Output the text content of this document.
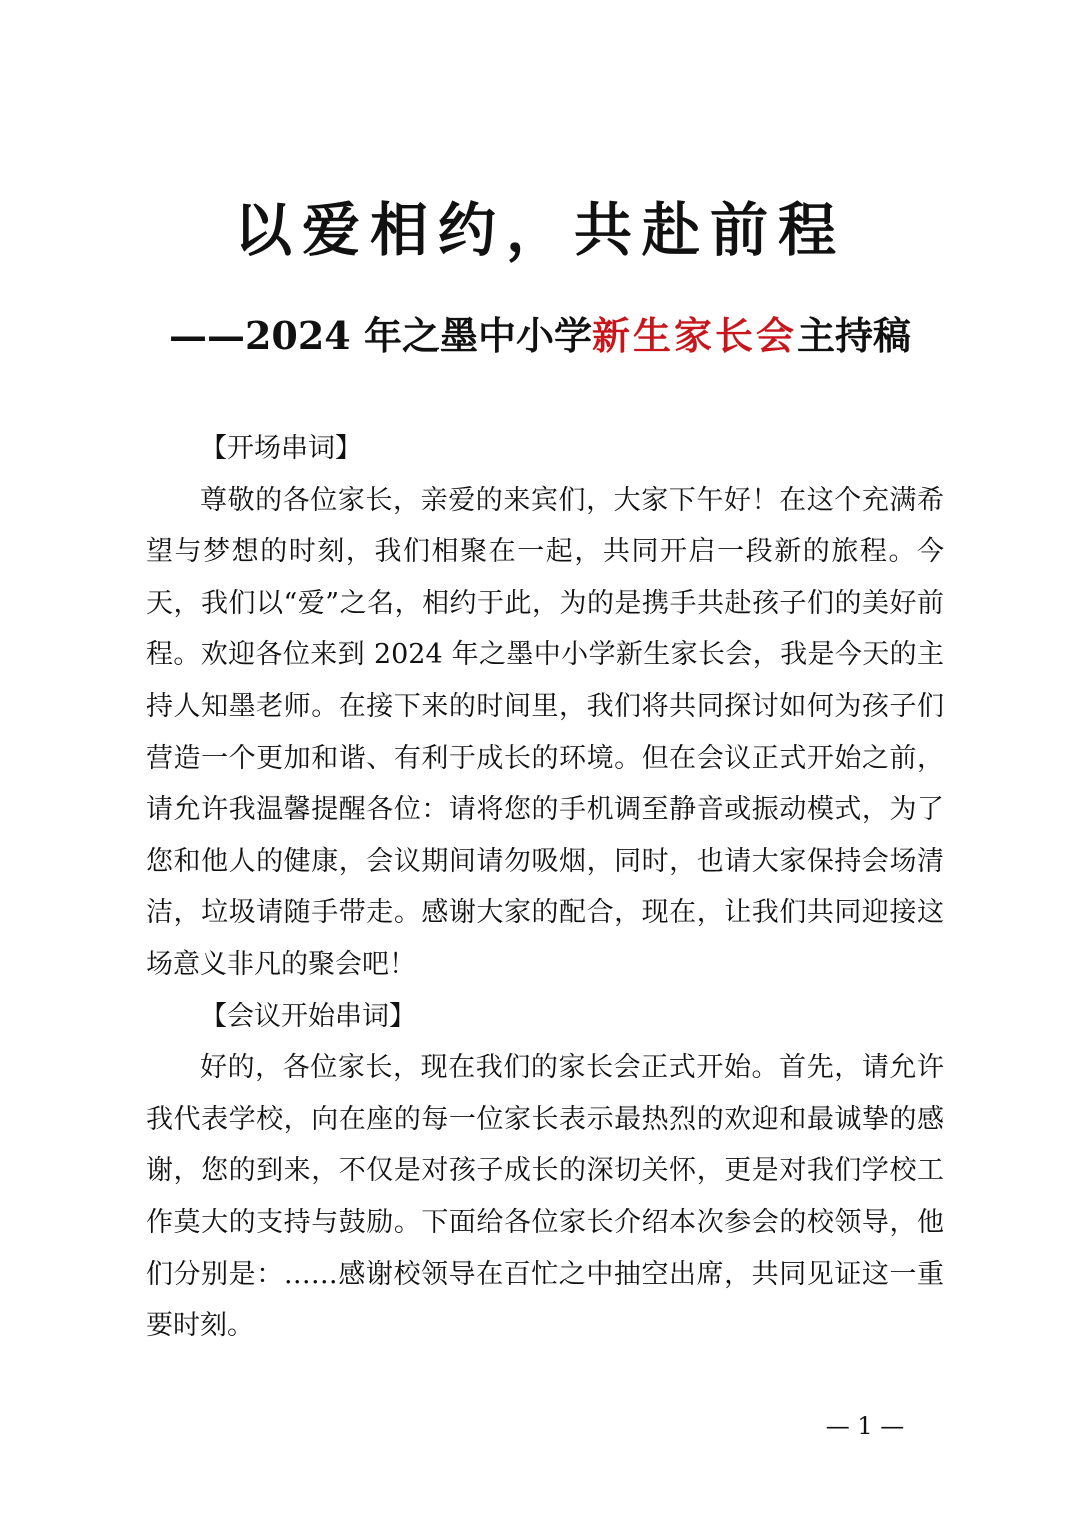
以爱相约，共赴前程
——2024 年之墨中小学新生家长会主持稿

【开场串词】

尊敬的各位家长，亲爱的来宾们，大家下午好！在这个充满希望与梦想的时刻，我们相聚在一起，共同开启一段新的旅程。今天，我们以“爱”之名，相约于此，为的是携手共赴孩子们的美好前程。欢迎各位来到 2024 年之墨中小学新生家长会，我是今天的主持人知墨老师。在接下来的时间里，我们将共同探讨如何为孩子们营造一个更加和谐、有利于成长的环境。但在会议正式开始之前，请允许我温馨提醒各位：请将您的手机调至静音或振动模式，为了您和他人的健康，会议期间请勿吸烟，同时，也请大家保持会场清洁，垃圾请随手带走。感谢大家的配合，现在，让我们共同迎接这场意义非凡的聚会吧！

【会议开始串词】

好的，各位家长，现在我们的家长会正式开始。首先，请允许我代表学校，向在座的每一位家长表示最热烈的欢迎和最诚挚的感谢，您的到来，不仅是对孩子成长的深切关怀，更是对我们学校工作莫大的支持与鼓励。下面给各位家长介绍本次参会的校领导，他们分别是：……感谢校领导在百忙之中抽空出席，共同见证这一重要时刻。

— 1 —
